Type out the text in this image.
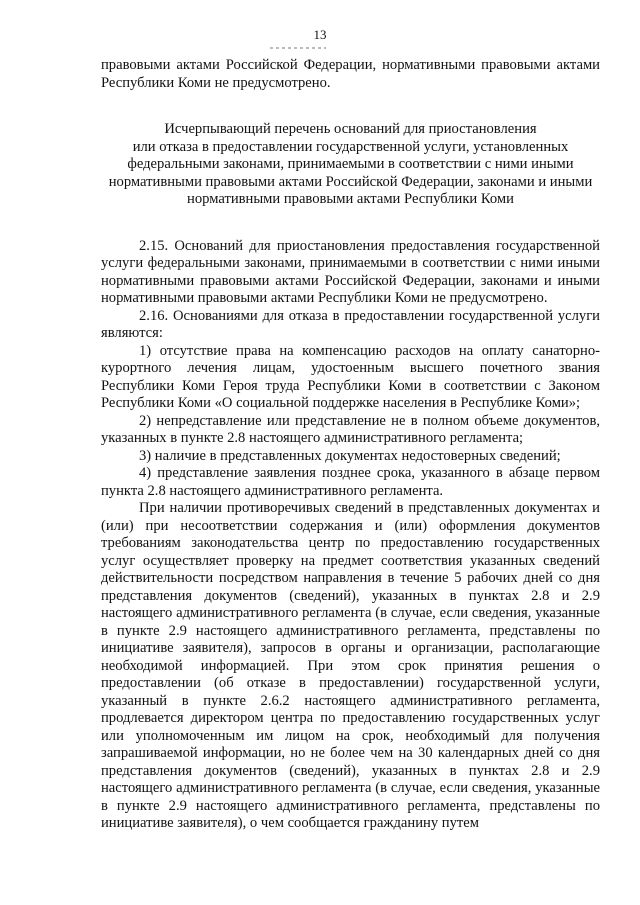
13

правовыми актами Российской Федерации, нормативными правовыми актами Республики Коми не предусмотрено.

Исчерпывающий перечень оснований для приостановления
или отказа в предоставлении государственной услуги, установленных
федеральными законами, принимаемыми в соответствии с ними иными
нормативными правовыми актами Российской Федерации, законами и иными
нормативными правовыми актами Республики Коми

2.15. Оснований для приостановления предоставления государственной услуги федеральными законами, принимаемыми в соответствии с ними иными нормативными правовыми актами Российской Федерации, законами и иными нормативными правовыми актами Республики Коми не предусмотрено.

2.16. Основаниями для отказа в предоставлении государственной услуги являются:

1) отсутствие права на компенсацию расходов на оплату санаторно-курортного лечения лицам, удостоенным высшего почетного звания Республики Коми Героя труда Республики Коми в соответствии с Законом Республики Коми «О социальной поддержке населения в Республике Коми»;

2) непредставление или представление не в полном объеме документов, указанных в пункте 2.8 настоящего административного регламента;

3) наличие в представленных документах недостоверных сведений;

4) представление заявления позднее срока, указанного в абзаце первом пункта 2.8 настоящего административного регламента.

При наличии противоречивых сведений в представленных документах и (или) при несоответствии содержания и (или) оформления документов требованиям законодательства центр по предоставлению государственных услуг осуществляет проверку на предмет соответствия указанных сведений действительности посредством направления в течение 5 рабочих дней со дня представления документов (сведений), указанных в пунктах 2.8 и 2.9 настоящего административного регламента (в случае, если сведения, указанные в пункте 2.9 настоящего административного регламента, представлены по инициативе заявителя), запросов в органы и организации, располагающие необходимой информацией. При этом срок принятия решения о предоставлении (об отказе в предоставлении) государственной услуги, указанный в пункте 2.6.2 настоящего административного регламента, продлевается директором центра по предоставлению государственных услуг или уполномоченным им лицом на срок, необходимый для получения запрашиваемой информации, но не более чем на 30 календарных дней со дня представления документов (сведений), указанных в пунктах 2.8 и 2.9 настоящего административного регламента (в случае, если сведения, указанные в пункте 2.9 настоящего административного регламента, представлены по инициативе заявителя), о чем сообщается гражданину путем
